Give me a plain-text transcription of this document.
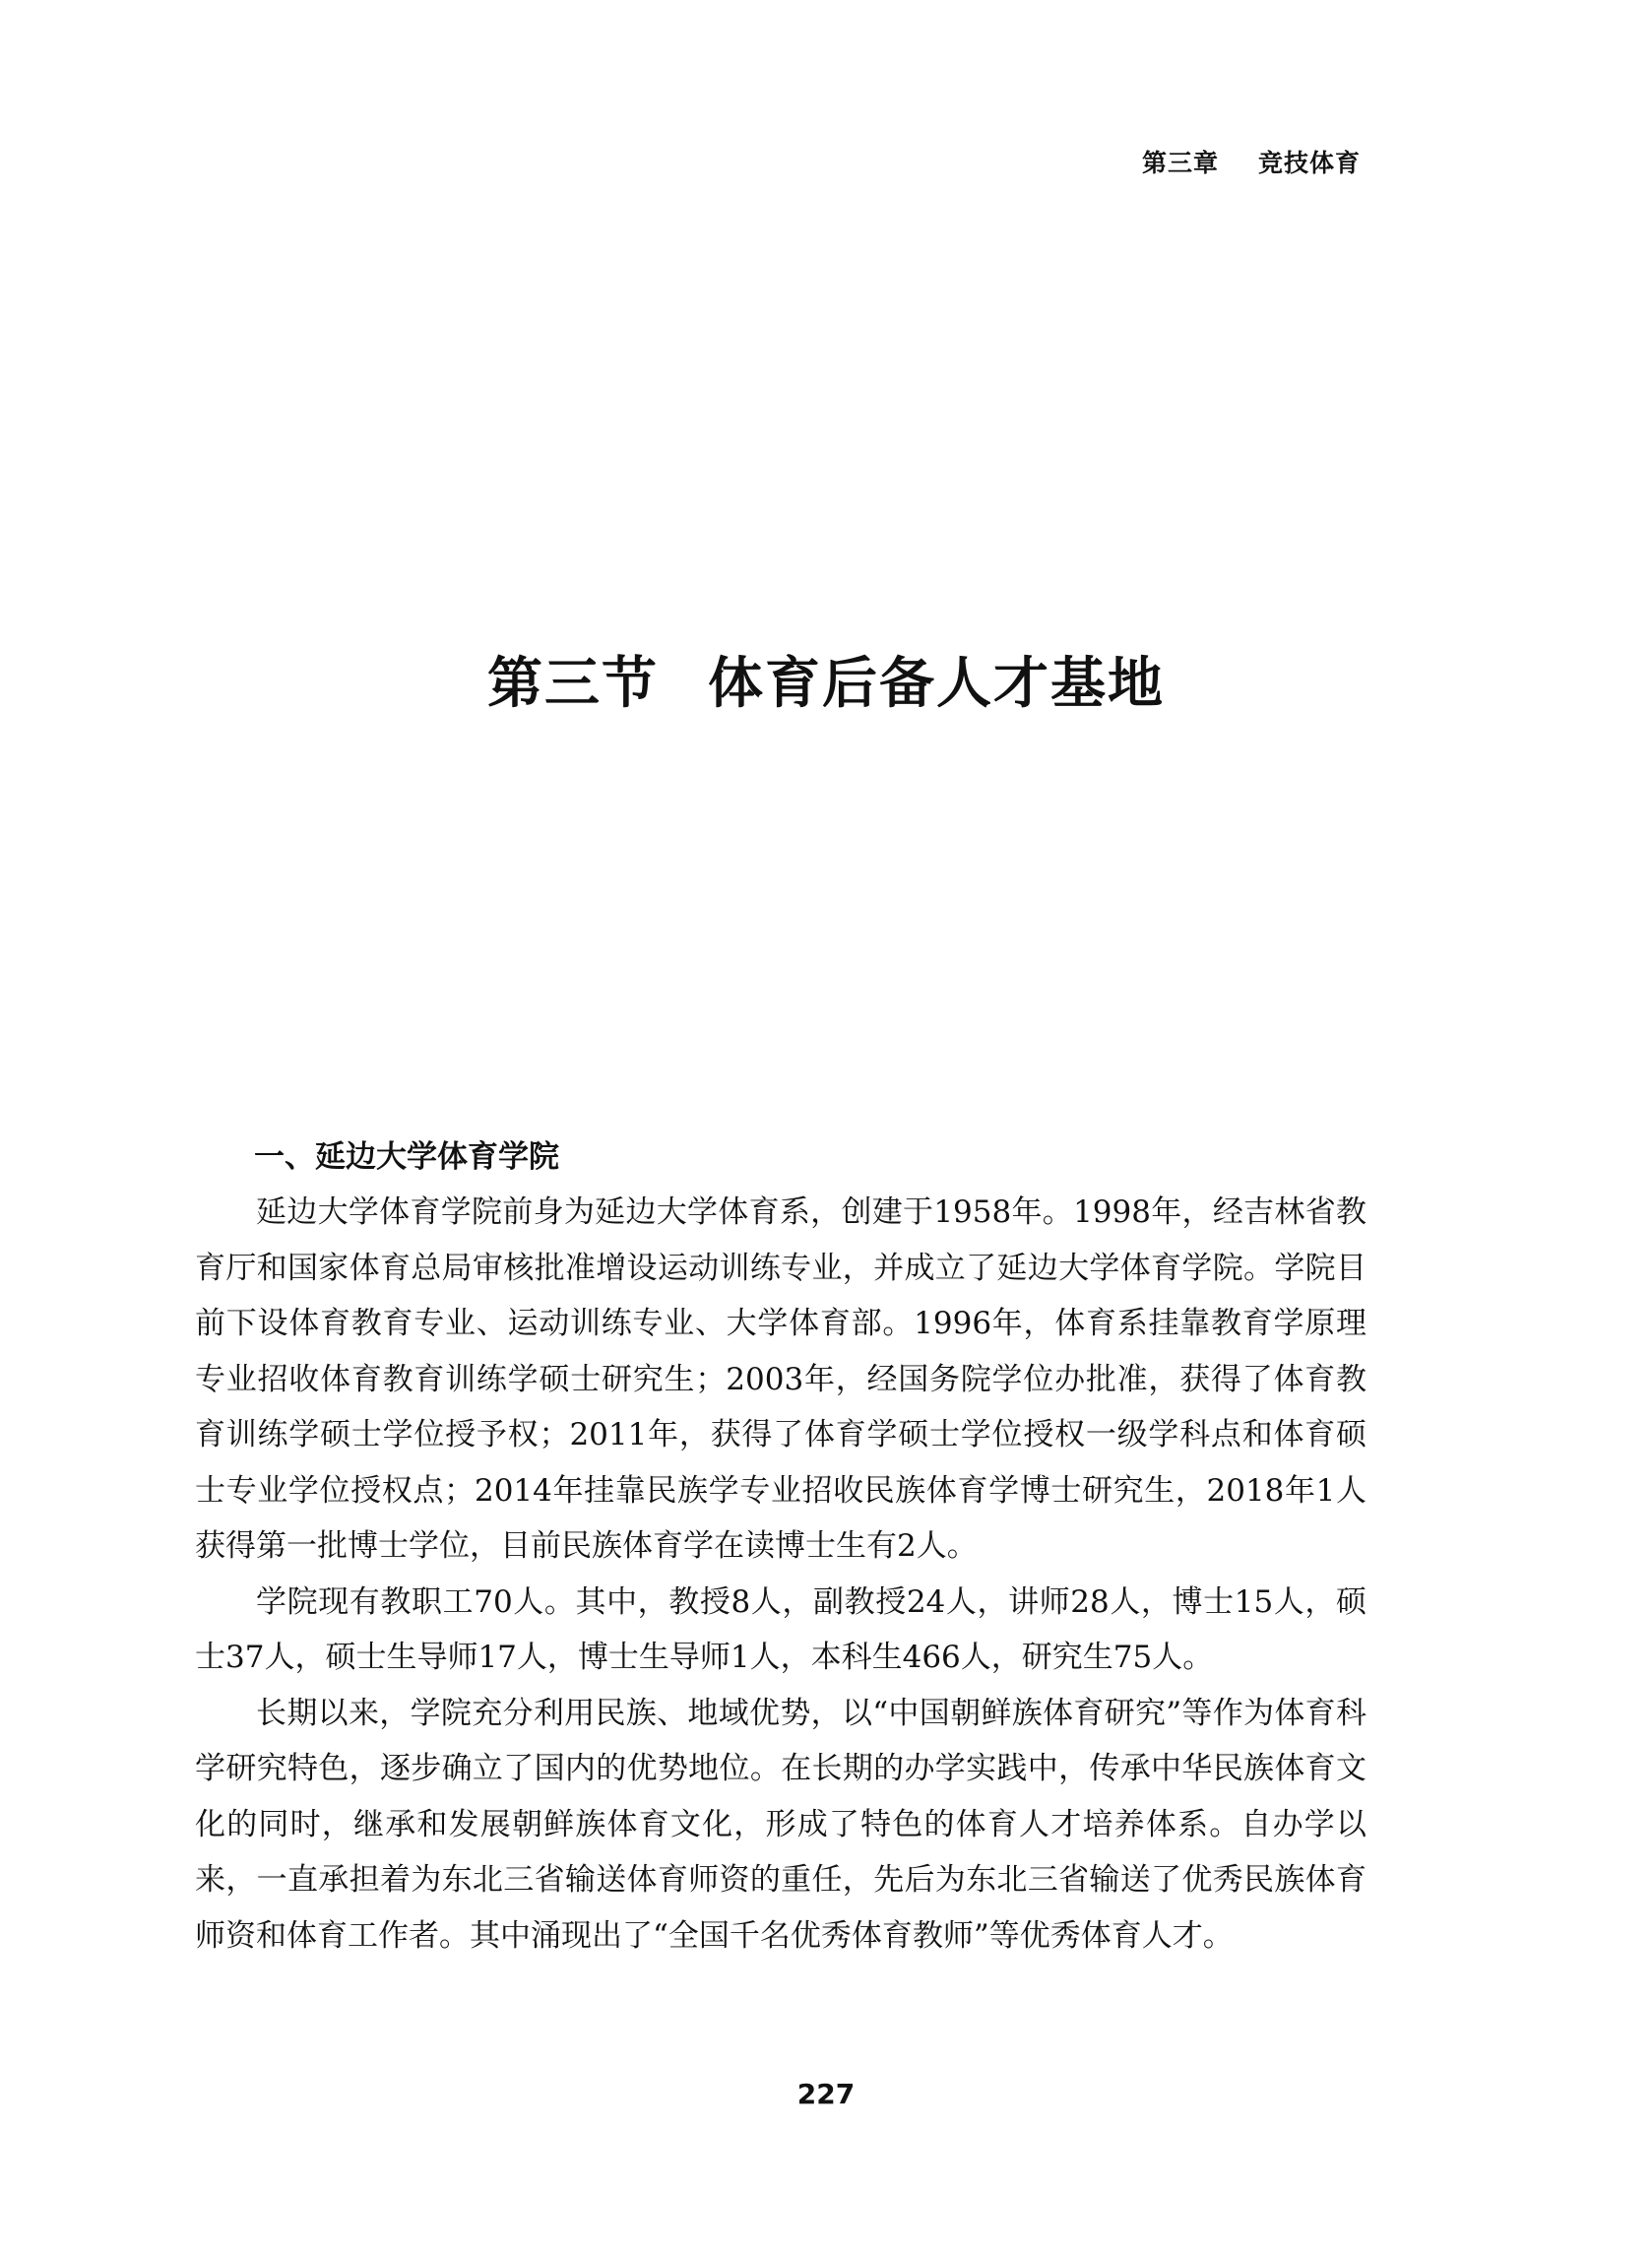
第三章 竞技体育
第三节 体育后备人才基地
一、延边大学体育学院

延边大学体育学院前身为延边大学体育系，创建于1958年。1998年，经吉林省教育厅和国家体育总局审核批准增设运动训练专业，并成立了延边大学体育学院。学院目前下设体育教育专业、运动训练专业、大学体育部。1996年，体育系挂靠教育学原理专业招收体育教育训练学硕士研究生；2003年，经国务院学位办批准，获得了体育教育训练学硕士学位授予权；2011年，获得了体育学硕士学位授权一级学科点和体育硕士专业学位授权点；2014年挂靠民族学专业招收民族体育学博士研究生，2018年1人获得第一批博士学位，目前民族体育学在读博士生有2人。

学院现有教职工70人。其中，教授8人，副教授24人，讲师28人，博士15人，硕士37人，硕士生导师17人，博士生导师1人，本科生466人，研究生75人。

长期以来，学院充分利用民族、地域优势，以“中国朝鲜族体育研究”等作为体育科学研究特色，逐步确立了国内的优势地位。在长期的办学实践中，传承中华民族体育文化的同时，继承和发展朝鲜族体育文化，形成了特色的体育人才培养体系。自办学以来，一直承担着为东北三省输送体育师资的重任，先后为东北三省输送了优秀民族体育师资和体育工作者。其中涌现出了“全国千名优秀体育教师”等优秀体育人才。

227
